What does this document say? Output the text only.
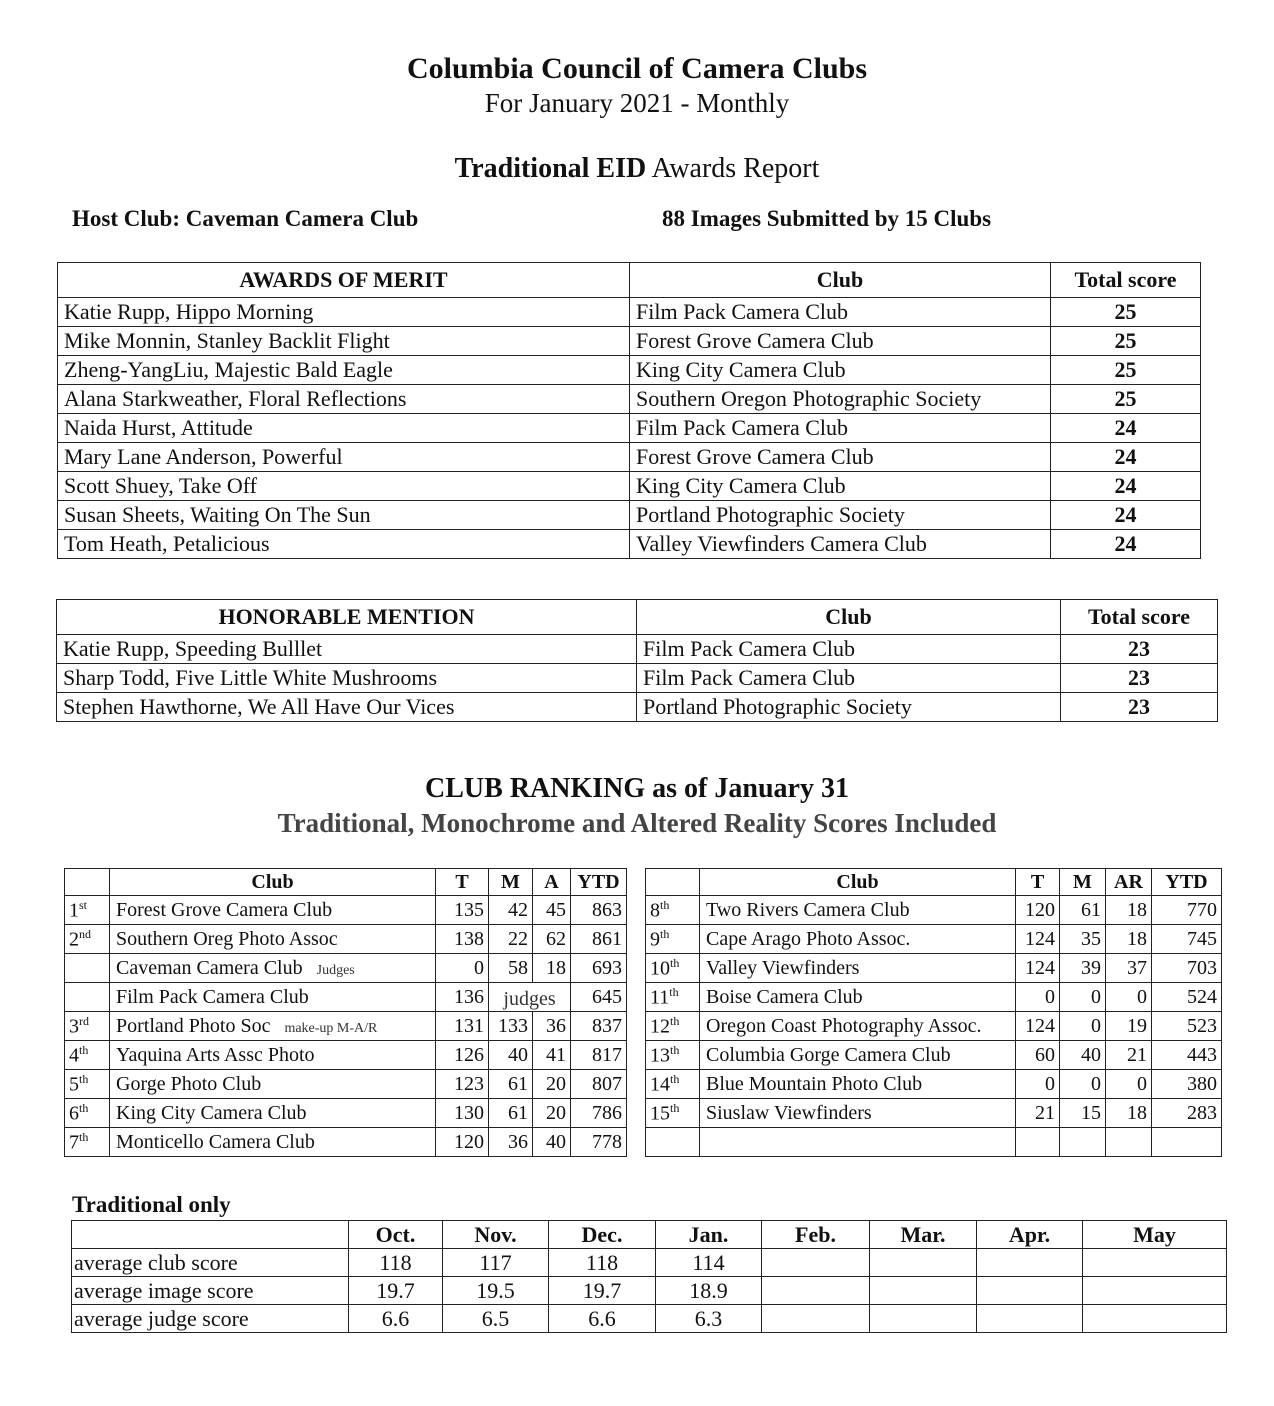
Columbia Council of Camera Clubs
For January 2021 - Monthly
Traditional EID Awards Report
Host Club: Caveman Camera Club	88 Images Submitted by 15 Clubs
AWARDS OF MERIT	Club	Total score
Katie Rupp, Hippo Morning	Film Pack Camera Club	25
Mike Monnin, Stanley Backlit Flight	Forest Grove Camera Club	25
Zheng-YangLiu, Majestic Bald Eagle	King City Camera Club	25
Alana Starkweather, Floral Reflections	Southern Oregon Photographic Society	25
Naida Hurst, Attitude	Film Pack Camera Club	24
Mary Lane Anderson, Powerful	Forest Grove Camera Club	24
Scott Shuey, Take Off	King City Camera Club	24
Susan Sheets, Waiting On The Sun	Portland Photographic Society	24
Tom Heath, Petalicious	Valley Viewfinders Camera Club	24
HONORABLE MENTION	Club	Total score
Katie Rupp, Speeding Bulllet	Film Pack Camera Club	23
Sharp Todd, Five Little White Mushrooms	Film Pack Camera Club	23
Stephen Hawthorne, We All Have Our Vices	Portland Photographic Society	23
CLUB RANKING as of January 31
Traditional, Monochrome and Altered Reality Scores Included
	Club	T	M	A	YTD
1st	Forest Grove Camera Club	135	42	45	863
2nd	Southern Oreg Photo Assoc	138	22	62	861
	Caveman Camera Club Judges	0	58	18	693
	Film Pack Camera Club	136	judges		645
3rd	Portland Photo Soc make-up M-A/R	131	133	36	837
4th	Yaquina Arts Assc Photo	126	40	41	817
5th	Gorge Photo Club	123	61	20	807
6th	King City Camera Club	130	61	20	786
7th	Monticello Camera Club	120	36	40	778
	Club	T	M	AR	YTD
8th	Two Rivers Camera Club	120	61	18	770
9th	Cape Arago Photo Assoc.	124	35	18	745
10th	Valley Viewfinders	124	39	37	703
11th	Boise Camera Club	0	0	0	524
12th	Oregon Coast Photography Assoc.	124	0	19	523
13th	Columbia Gorge Camera Club	60	40	21	443
14th	Blue Mountain Photo Club	0	0	0	380
15th	Siuslaw Viewfinders	21	15	18	283

Traditional only
	Oct.	Nov.	Dec.	Jan.	Feb.	Mar.	Apr.	May
average club score	118	117	118	114				
average image score	19.7	19.5	19.7	18.9				
average judge score	6.6	6.5	6.6	6.3				
